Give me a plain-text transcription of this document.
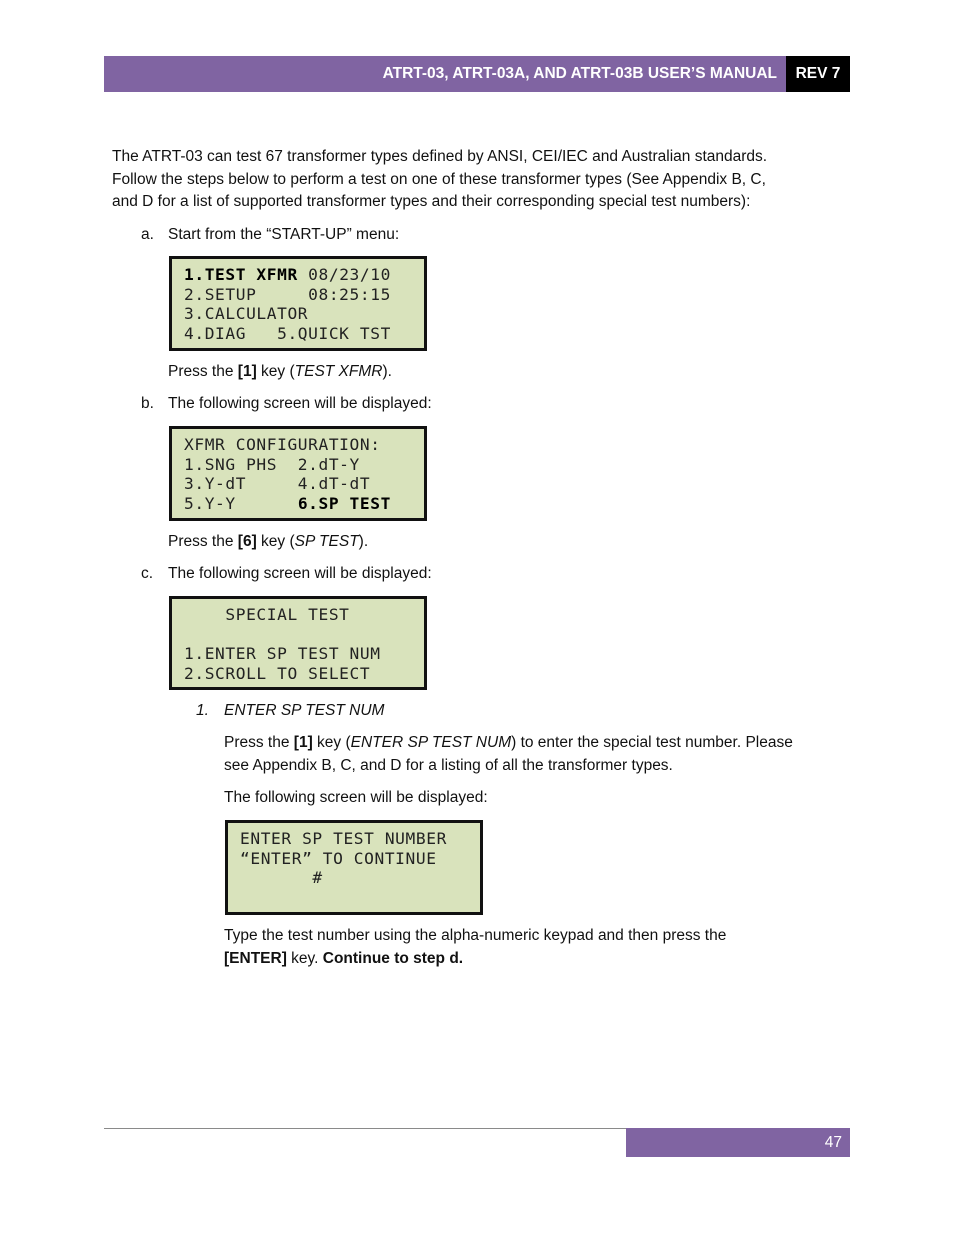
ATRT-03, ATRT-03A, AND ATRT-03B USER’S MANUAL REV 7
The ATRT-03 can test 67 transformer types defined by ANSI, CEI/IEC and Australian standards.
Follow the steps below to perform a test on one of these transformer types (See Appendix B, C,
and D for a list of supported transformer types and their corresponding special test numbers):
a. Start from the “START-UP” menu:
1.TEST XFMR 08/23/10
2.SETUP     08:25:15
3.CALCULATOR
4.DIAG   5.QUICK TST
Press the [1] key (TEST XFMR).
b. The following screen will be displayed:
XFMR CONFIGURATION:
1.SNG PHS  2.dT-Y
3.Y-dT     4.dT-dT
5.Y-Y      6.SP TEST
Press the [6] key (SP TEST).
c. The following screen will be displayed:
SPECIAL TEST
1.ENTER SP TEST NUM
2.SCROLL TO SELECT
1. ENTER SP TEST NUM
Press the [1] key (ENTER SP TEST NUM) to enter the special test number. Please
see Appendix B, C, and D for a listing of all the transformer types.
The following screen will be displayed:
ENTER SP TEST NUMBER
“ENTER” TO CONTINUE
#
Type the test number using the alpha-numeric keypad and then press the
[ENTER] key. Continue to step d.
47
